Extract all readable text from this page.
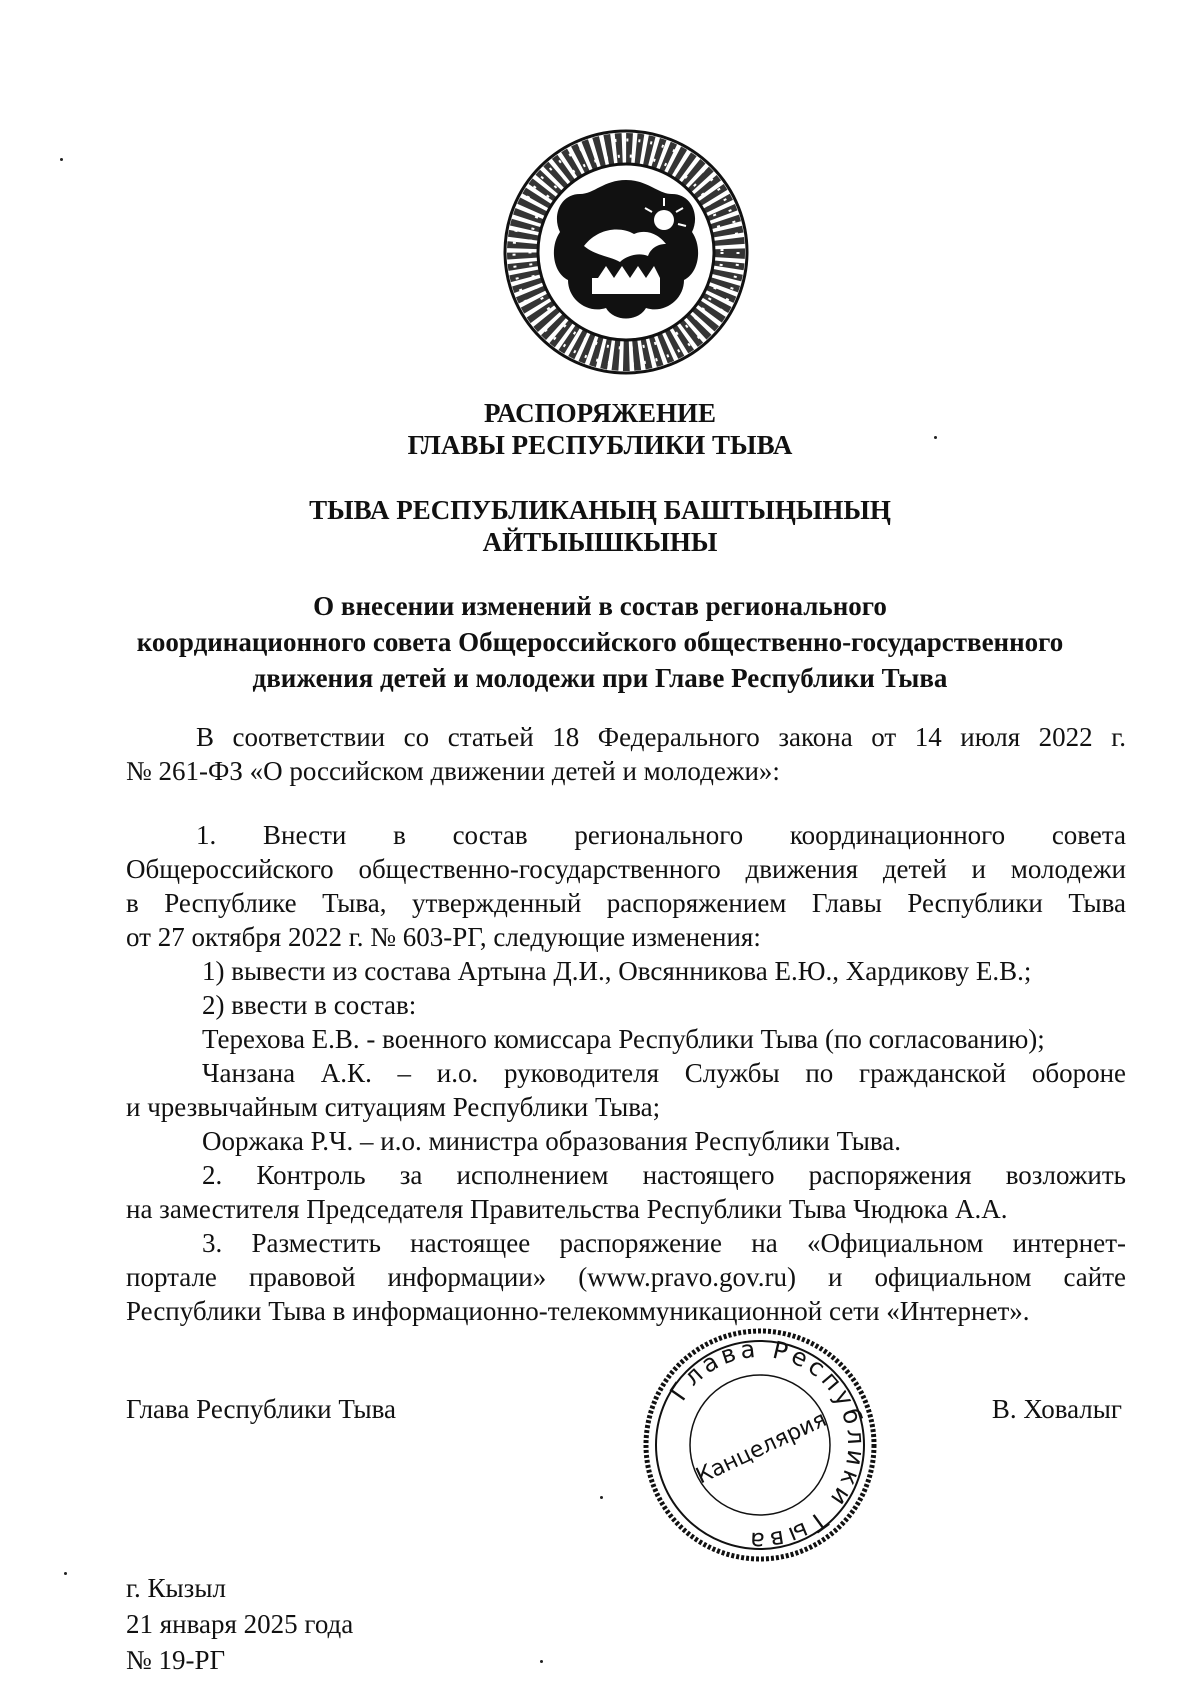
РАСПОРЯЖЕНИЕ
ГЛАВЫ РЕСПУБЛИКИ ТЫВА
ТЫВА РЕСПУБЛИКАНЫҢ БАШТЫҢЫНЫҢ
АЙТЫЫШКЫНЫ
О внесении изменений в состав регионального
координационного совета Общероссийского общественно-государственного
движения детей и молодежи при Главе Республики Тыва

В соответствии со статьей 18 Федерального закона от 14 июля 2022 г.

№ 261-ФЗ «О российском движении детей и молодежи»:

1. Внести в состав регионального координационного совета

Общероссийского общественно-государственного движения детей и молодежи

в Республике Тыва, утвержденный распоряжением Главы Республики Тыва

от 27 октября 2022 г. № 603-РГ, следующие изменения:

1) вывести из состава Артына Д.И., Овсянникова Е.Ю., Хардикову Е.В.;

2) ввести в состав:

Терехова Е.В. - военного комиссара Республики Тыва (по согласованию);

Чанзана А.К. – и.о. руководителя Службы по гражданской обороне

и чрезвычайным ситуациям Республики Тыва;

Ооржака Р.Ч. – и.о. министра образования Республики Тыва.

2. Контроль за исполнением настоящего распоряжения возложить

на заместителя Председателя Правительства Республики Тыва Чюдюка А.А.

3. Разместить настоящее распоряжение на «Официальном интернет-

портале правовой информации» (www.pravo.gov.ru) и официальном сайте

Республики Тыва в информационно-телекоммуникационной сети «Интернет».

Глава Республики Тыва	В. Ховалыг
Глава Республики Тыва
Канцелярия
г. Кызыл
21 января 2025 года
№ 19-РГ
